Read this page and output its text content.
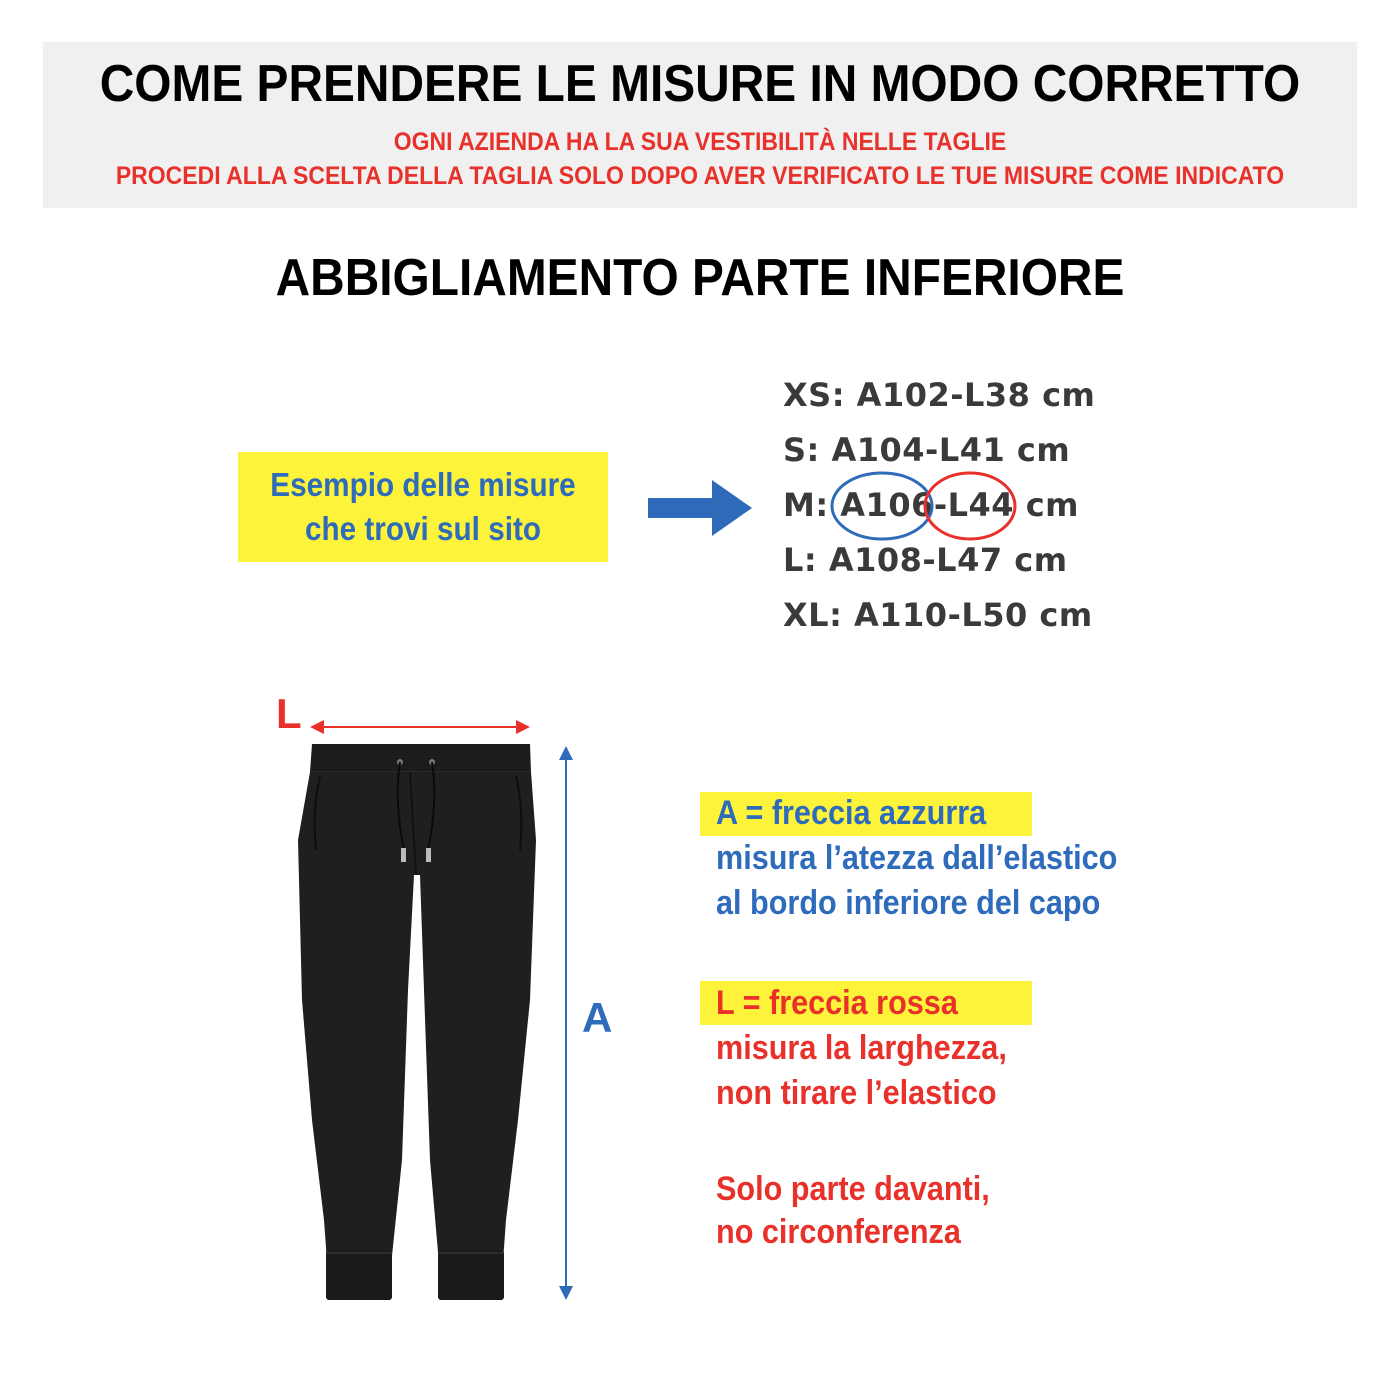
COME PRENDERE LE MISURE IN MODO CORRETTO
OGNI AZIENDA HA LA SUA VESTIBILITÀ NELLE TAGLIE
PROCEDI ALLA SCELTA DELLA TAGLIA SOLO DOPO AVER VERIFICATO LE TUE MISURE COME INDICATO
ABBIGLIAMENTO PARTE INFERIORE
Esempio delle misure
che trovi sul sito
XS: A102-L38 cm
S: A104-L41 cm
M: A106-L44 cm
L: A108-L47 cm
XL: A110-L50 cm
L
A
A = freccia azzurra
misura l’atezza dall’elastico
al bordo inferiore del capo
L = freccia rossa
misura la larghezza,
non tirare l’elastico
Solo parte davanti,
no circonferenza
